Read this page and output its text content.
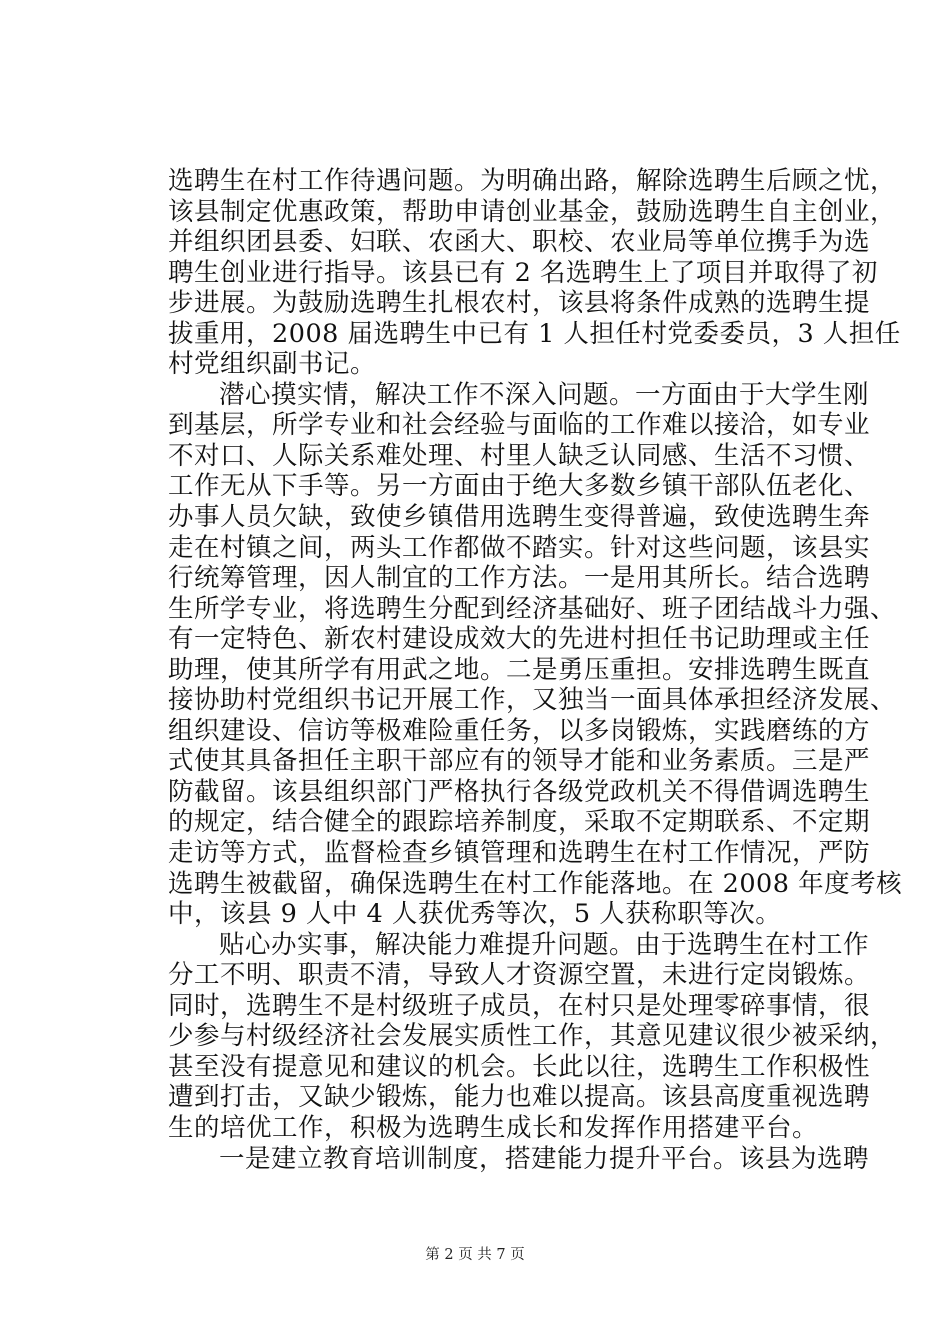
选聘生在村工作待遇问题。为明确出路，解除选聘生后顾之忧，
该县制定优惠政策，帮助申请创业基金，鼓励选聘生自主创业，
并组织团县委、妇联、农函大、职校、农业局等单位携手为选
聘生创业进行指导。该县已有 2 名选聘生上了项目并取得了初
步进展。为鼓励选聘生扎根农村，该县将条件成熟的选聘生提
拔重用，2008 届选聘生中已有 1 人担任村党委委员，3 人担任
村党组织副书记。
潜心摸实情，解决工作不深入问题。一方面由于大学生刚
到基层，所学专业和社会经验与面临的工作难以接洽，如专业
不对口、人际关系难处理、村里人缺乏认同感、生活不习惯、
工作无从下手等。另一方面由于绝大多数乡镇干部队伍老化、
办事人员欠缺，致使乡镇借用选聘生变得普遍，致使选聘生奔
走在村镇之间，两头工作都做不踏实。针对这些问题，该县实
行统筹管理，因人制宜的工作方法。一是用其所长。结合选聘
生所学专业，将选聘生分配到经济基础好、班子团结战斗力强、
有一定特色、新农村建设成效大的先进村担任书记助理或主任
助理，使其所学有用武之地。二是勇压重担。安排选聘生既直
接协助村党组织书记开展工作，又独当一面具体承担经济发展、
组织建设、信访等极难险重任务，以多岗锻炼，实践磨练的方
式使其具备担任主职干部应有的领导才能和业务素质。三是严
防截留。该县组织部门严格执行各级党政机关不得借调选聘生
的规定，结合健全的跟踪培养制度，采取不定期联系、不定期
走访等方式，监督检查乡镇管理和选聘生在村工作情况，严防
选聘生被截留，确保选聘生在村工作能落地。在 2008 年度考核
中，该县 9 人中 4 人获优秀等次，5 人获称职等次。
贴心办实事，解决能力难提升问题。由于选聘生在村工作
分工不明、职责不清，导致人才资源空置，未进行定岗锻炼。
同时，选聘生不是村级班子成员，在村只是处理零碎事情，很
少参与村级经济社会发展实质性工作，其意见建议很少被采纳，
甚至没有提意见和建议的机会。长此以往，选聘生工作积极性
遭到打击，又缺少锻炼，能力也难以提高。该县高度重视选聘
生的培优工作，积极为选聘生成长和发挥作用搭建平台。
一是建立教育培训制度，搭建能力提升平台。该县为选聘
第 2 页 共 7 页
